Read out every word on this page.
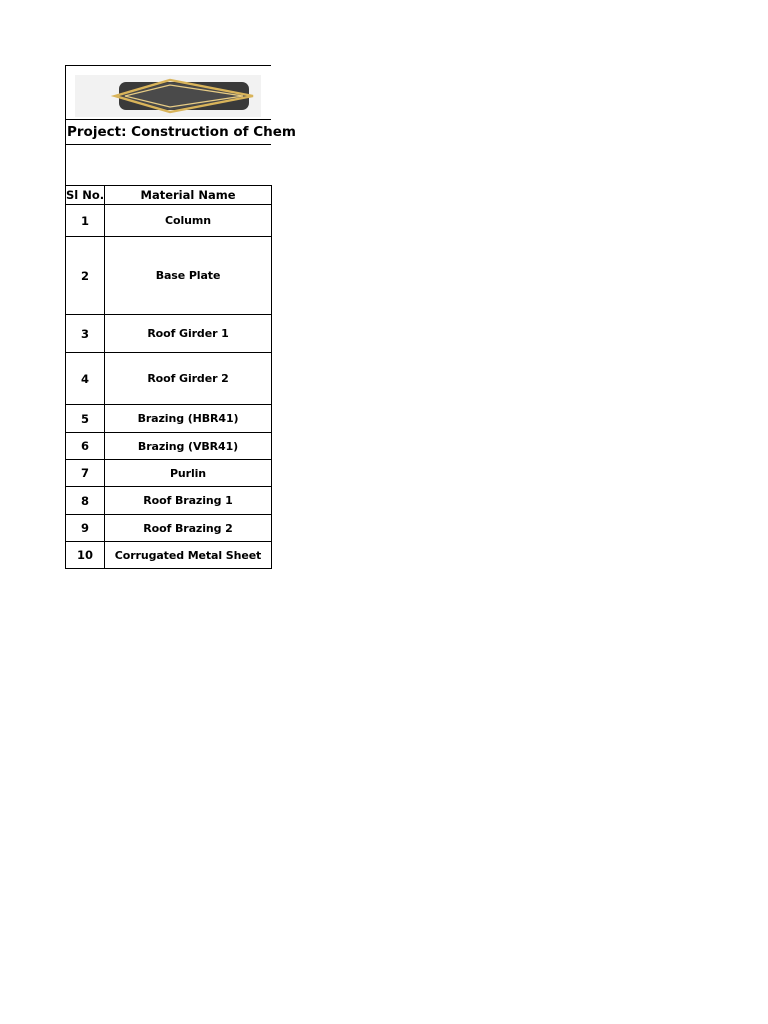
Project: Construction of Chem
Sl No.	Material Name
1	Column
2	Base Plate
3	Roof Girder 1
4	Roof Girder 2
5	Brazing (HBR41)
6	Brazing (VBR41)
7	Purlin
8	Roof Brazing 1
9	Roof Brazing 2
10	Corrugated Metal Sheet
